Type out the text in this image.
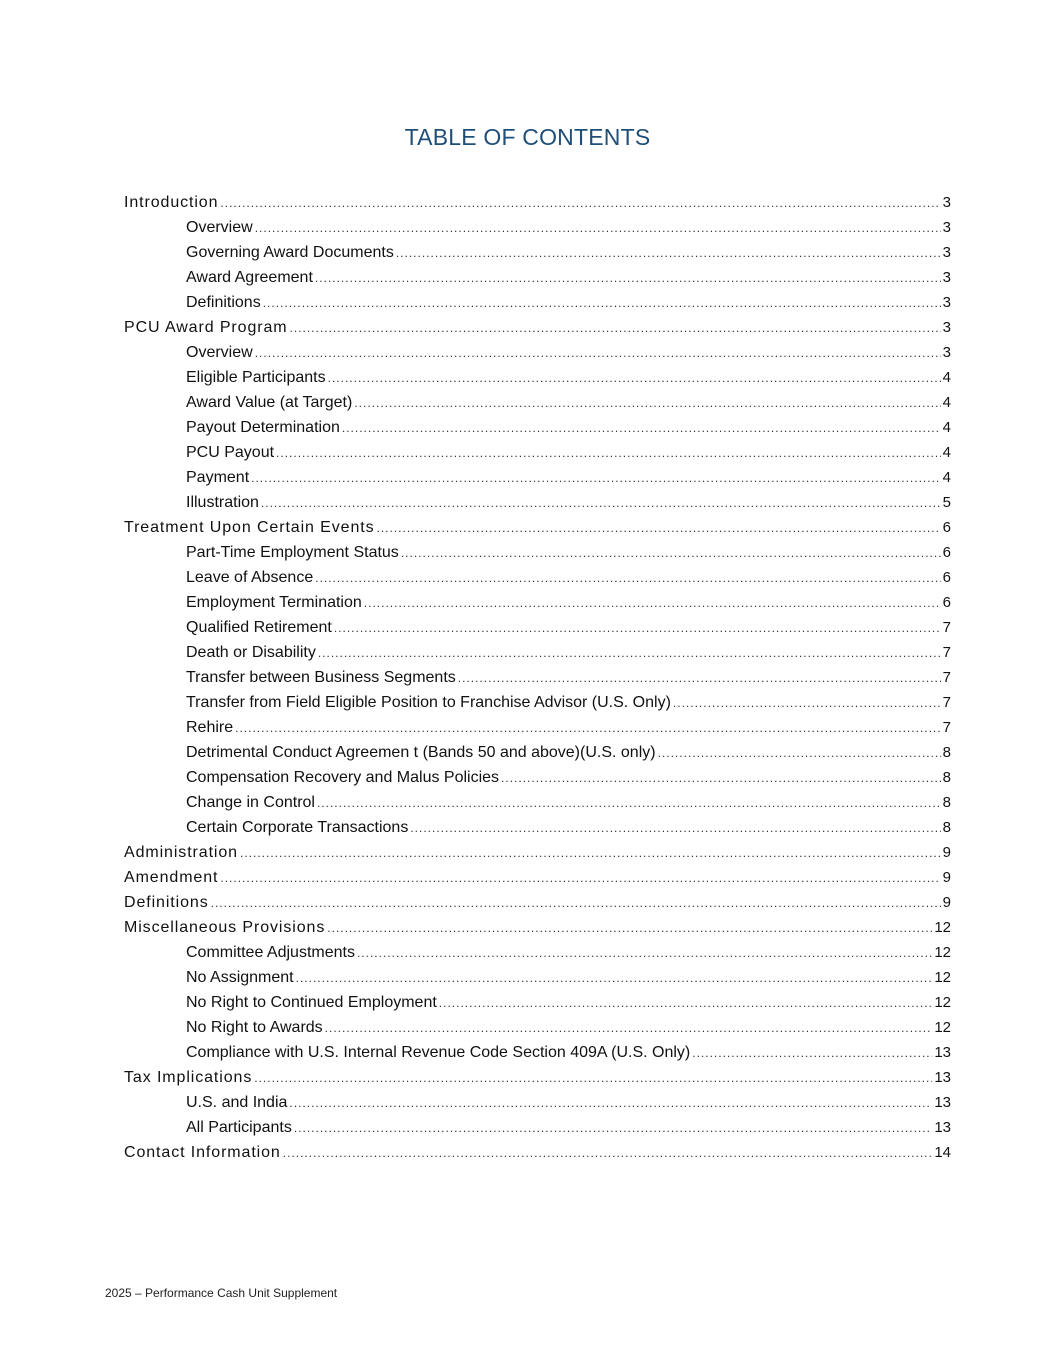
TABLE OF CONTENTS
Introduction .....	3
Overview .....	3
Governing Award Documents .....	3
Award Agreement .....	3
Definitions .....	3
PCU Award Program .....	3
Overview .....	3
Eligible Participants .....	4
Award Value (at Target) .....	4
Payout Determination .....	4
PCU Payout .....	4
Payment .....	4
Illustration .....	5
Treatment Upon Certain Events .....	6
Part-Time Employment Status .....	6
Leave of Absence .....	6
Employment Termination .....	6
Qualified Retirement .....	7
Death or Disability .....	7
Transfer between Business Segments .....	7
Transfer from Field Eligible Position to Franchise Advisor (U.S. Only) .....	7
Rehire .....	7
Detrimental Conduct Agreemen t (Bands 50 and above)(U.S. only) .....	8
Compensation Recovery and Malus Policies .....	8
Change in Control .....	8
Certain Corporate Transactions .....	8
Administration .....	9
Amendment .....	9
Definitions .....	9
Miscellaneous Provisions .....	12
Committee Adjustments .....	12
No Assignment .....	12
No Right to Continued Employment .....	12
No Right to Awards .....	12
Compliance with U.S. Internal Revenue Code Section 409A (U.S. Only) .....	13
Tax Implications .....	13
U.S. and India .....	13
All Participants .....	13
Contact Information .....	14
2025 – Performance Cash Unit Supplement
